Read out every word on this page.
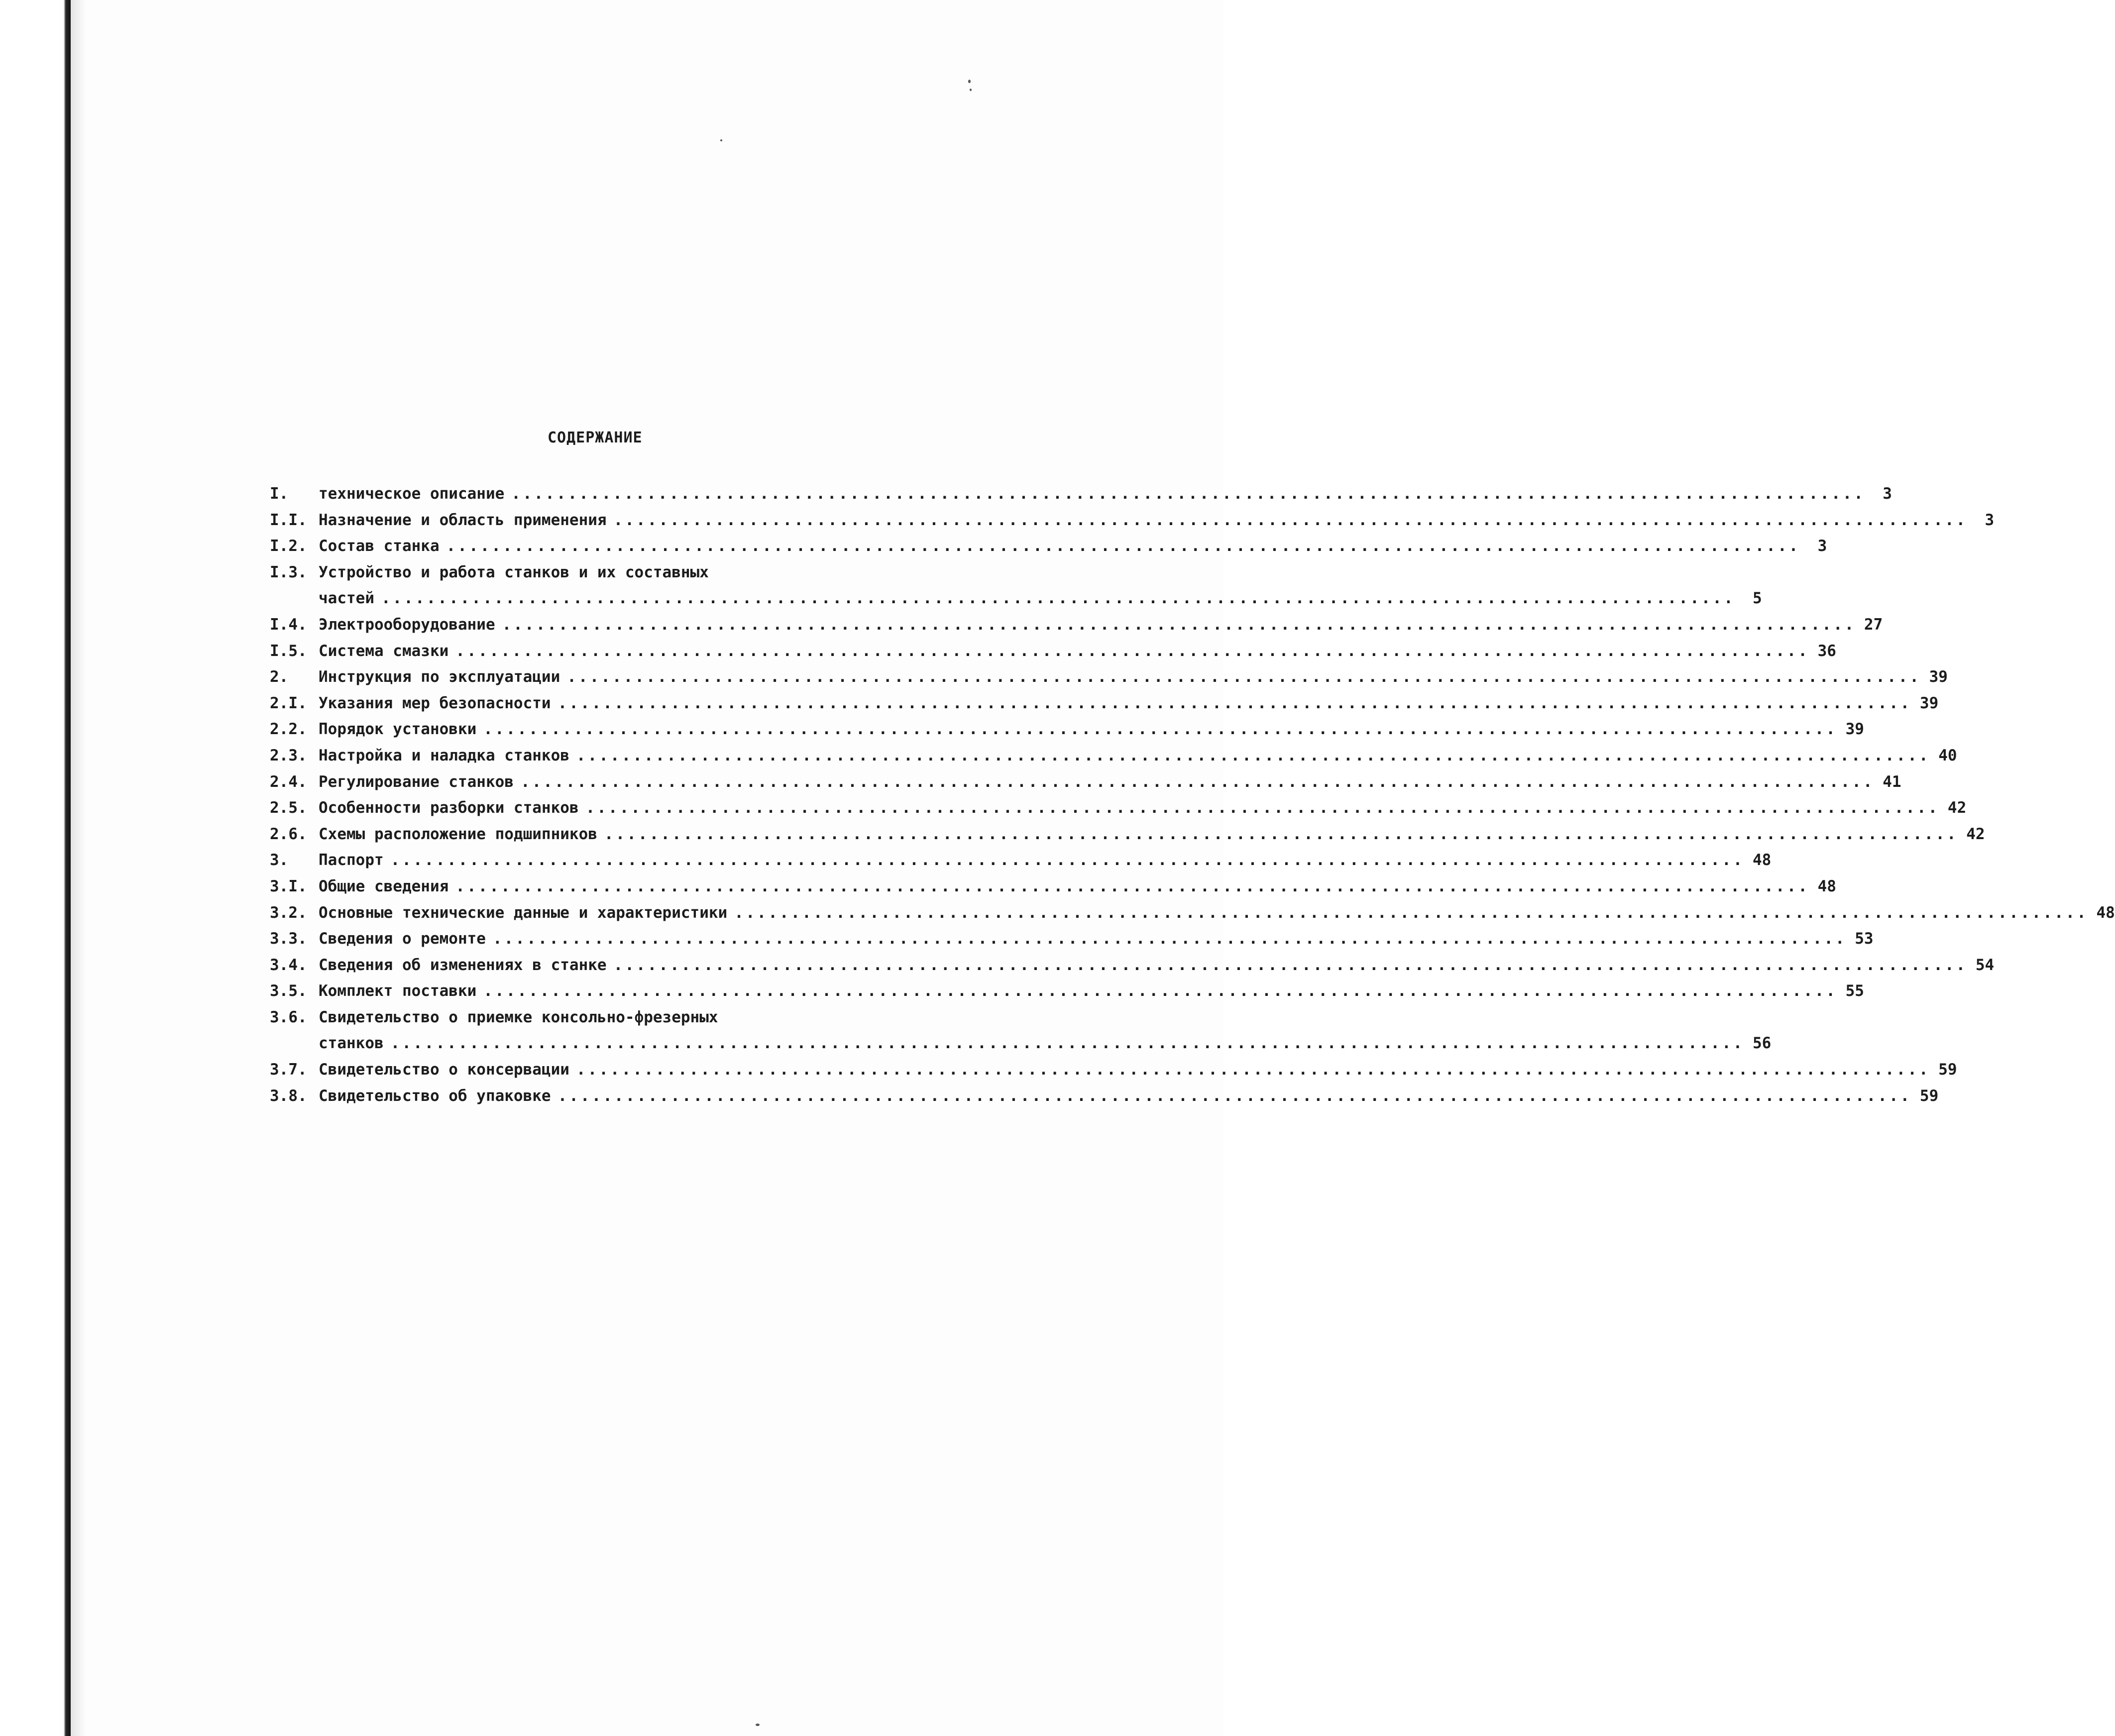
СОДЕРЖАНИЕ
I.	техническое описание ........................................................................................................................	3
I.I. Назначение и область применения ........................................................................................................................	3
I.2. Состав станка ........................................................................................................................	3
I.3. Устройство и работа станков и их составных
частей ........................................................................................................................	5
I.4. Электрооборудование ........................................................................................................................ 27
I.5. Система смазки ........................................................................................................................ 36
2.	Инструкция по эксплуатации ........................................................................................................................ 39
2.I. Указания мер безопасности ........................................................................................................................ 39
2.2. Порядок установки ........................................................................................................................ 39
2.3. Настройка и наладка станков ........................................................................................................................ 40
2.4. Регулирование станков ........................................................................................................................ 41
2.5. Особенности разборки станков ........................................................................................................................ 42
2.6. Схемы расположение подшипников ........................................................................................................................ 42
3.	Паспорт ........................................................................................................................ 48
3.I. Общие сведения ........................................................................................................................ 48
3.2. Основные технические данные и характеристики ........................................................................................................................ 48
3.3. Сведения о ремонте ........................................................................................................................ 53
3.4. Сведения об изменениях в станке ........................................................................................................................ 54
3.5. Комплект поставки ........................................................................................................................ 55
3.6. Свидетельство о приемке консольно-фрезерных
станков ........................................................................................................................ 56
3.7. Свидетельство о консервации ........................................................................................................................ 59
3.8. Свидетельство об упаковке ........................................................................................................................ 59
